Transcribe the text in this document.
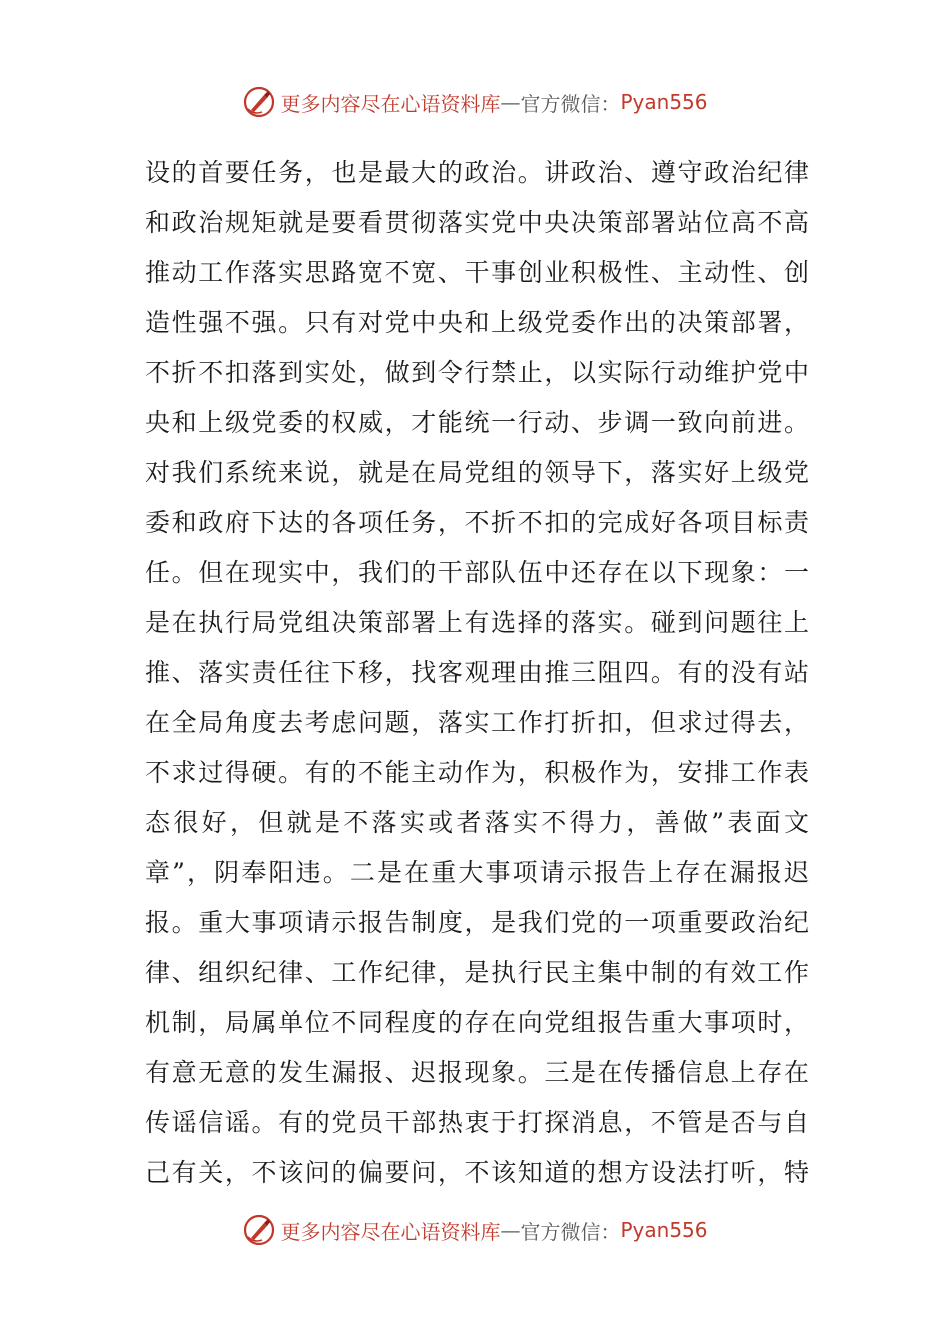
更多内容尽在心语资料库 — 官方微信： Pyan556
设的首要任务，也是最大的政治。讲政治、遵守政治纪律
和政治规矩就是要看贯彻落实党中央决策部署站位高不高
推动工作落实思路宽不宽、干事创业积极性、主动性、创
造性强不强。只有对党中央和上级党委作出的决策部署，
不折不扣落到实处，做到令行禁止，以实际行动维护党中
央和上级党委的权威，才能统一行动、步调一致向前进。
对我们系统来说，就是在局党组的领导下，落实好上级党
委和政府下达的各项任务，不折不扣的完成好各项目标责
任。但在现实中，我们的干部队伍中还存在以下现象：一
是在执行局党组决策部署上有选择的落实。碰到问题往上
推、落实责任往下移，找客观理由推三阻四。有的没有站
在全局角度去考虑问题，落实工作打折扣，但求过得去，
不求过得硬。有的不能主动作为，积极作为，安排工作表
态很好，但就是不落实或者落实不得力，善做”表面文
章”，阴奉阳违。二是在重大事项请示报告上存在漏报迟
报。重大事项请示报告制度，是我们党的一项重要政治纪
律、组织纪律、工作纪律，是执行民主集中制的有效工作
机制，局属单位不同程度的存在向党组报告重大事项时，
有意无意的发生漏报、迟报现象。三是在传播信息上存在
传谣信谣。有的党员干部热衷于打探消息，不管是否与自
己有关，不该问的偏要问，不该知道的想方设法打听，特
更多内容尽在心语资料库 — 官方微信： Pyan556
